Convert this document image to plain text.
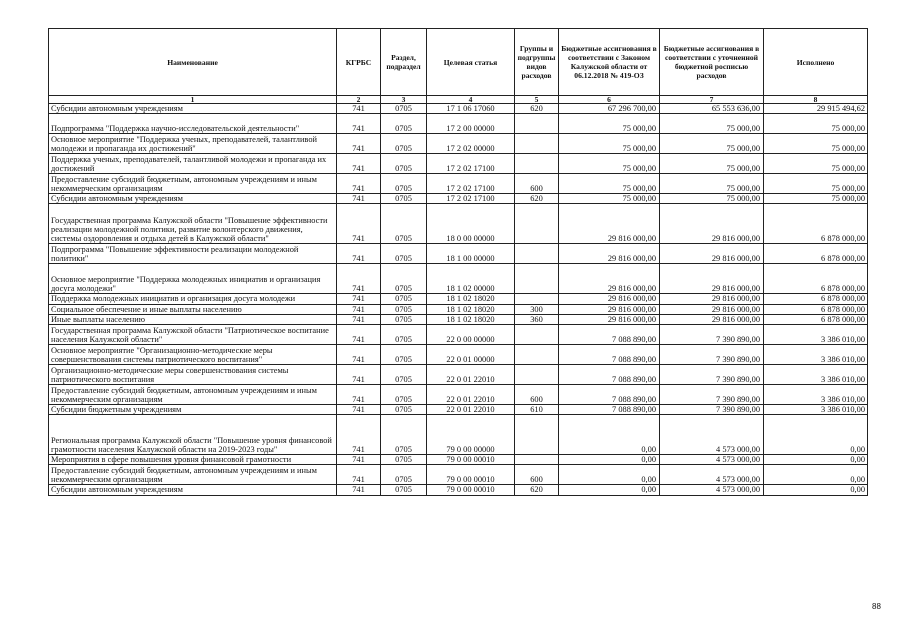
Наименование	КГРБС	Раздел, подраздел	Целевая статья	Группы и подгруппы видов расходов	Бюджетные ассигнования в соответствии с Законом Калужской области от 06.12.2018 № 419-ОЗ	Бюджетные ассигнования в соответствии с уточненной бюджетной росписью расходов	Исполнено
1	2	3	4	5	6	7	8
Субсидии автономным учреждениям	741	0705	17 1 06 17060	620	67 296 700,00	65 553 636,00	29 915 494,62
Подпрограмма "Поддержка научно-исследовательской деятельности"	741	0705	17 2 00 00000		75 000,00	75 000,00	75 000,00
Основное мероприятие "Поддержка ученых, преподавателей, талантливой молодежи и пропаганда их достижений"	741	0705	17 2 02 00000		75 000,00	75 000,00	75 000,00
Поддержка ученых, преподавателей, талантливой молодежи и пропаганда их достижений	741	0705	17 2 02 17100		75 000,00	75 000,00	75 000,00
Предоставление субсидий бюджетным, автономным учреждениям и иным некоммерческим организациям	741	0705	17 2 02 17100	600	75 000,00	75 000,00	75 000,00
Субсидии автономным учреждениям	741	0705	17 2 02 17100	620	75 000,00	75 000,00	75 000,00
Государственная программа Калужской области "Повышение эффективности реализации молодежной политики, развитие волонтерского движения, системы оздоровления и отдыха детей в Калужской области"	741	0705	18 0 00 00000		29 816 000,00	29 816 000,00	6 878 000,00
Подпрограмма "Повышение эффективности реализации молодежной политики"	741	0705	18 1 00 00000		29 816 000,00	29 816 000,00	6 878 000,00
Основное мероприятие "Поддержка молодежных инициатив и организация досуга молодежи"	741	0705	18 1 02 00000		29 816 000,00	29 816 000,00	6 878 000,00
Поддержка молодежных инициатив и организация досуга молодежи	741	0705	18 1 02 18020		29 816 000,00	29 816 000,00	6 878 000,00
Социальное обеспечение и иные выплаты населению	741	0705	18 1 02 18020	300	29 816 000,00	29 816 000,00	6 878 000,00
Иные выплаты населению	741	0705	18 1 02 18020	360	29 816 000,00	29 816 000,00	6 878 000,00
Государственная программа Калужской области "Патриотическое воспитание населения Калужской области"	741	0705	22 0 00 00000		7 088 890,00	7 390 890,00	3 386 010,00
Основное мероприятие "Организационно-методические меры совершенствования системы патриотического воспитания"	741	0705	22 0 01 00000		7 088 890,00	7 390 890,00	3 386 010,00
Организационно-методические меры совершенствования системы патриотического воспитания	741	0705	22 0 01 22010		7 088 890,00	7 390 890,00	3 386 010,00
Предоставление субсидий бюджетным, автономным учреждениям и иным некоммерческим организациям	741	0705	22 0 01 22010	600	7 088 890,00	7 390 890,00	3 386 010,00
Субсидии бюджетным учреждениям	741	0705	22 0 01 22010	610	7 088 890,00	7 390 890,00	3 386 010,00
Региональная программа Калужской области "Повышение уровня финансовой грамотности населения Калужской области на 2019-2023 годы"	741	0705	79 0 00 00000		0,00	4 573 000,00	0,00
Мероприятия в сфере повышения уровня финансовой грамотности	741	0705	79 0 00 00010		0,00	4 573 000,00	0,00
Предоставление субсидий бюджетным, автономным учреждениям и иным некоммерческим организациям	741	0705	79 0 00 00010	600	0,00	4 573 000,00	0,00
Субсидии автономным учреждениям	741	0705	79 0 00 00010	620	0,00	4 573 000,00	0,00
88
